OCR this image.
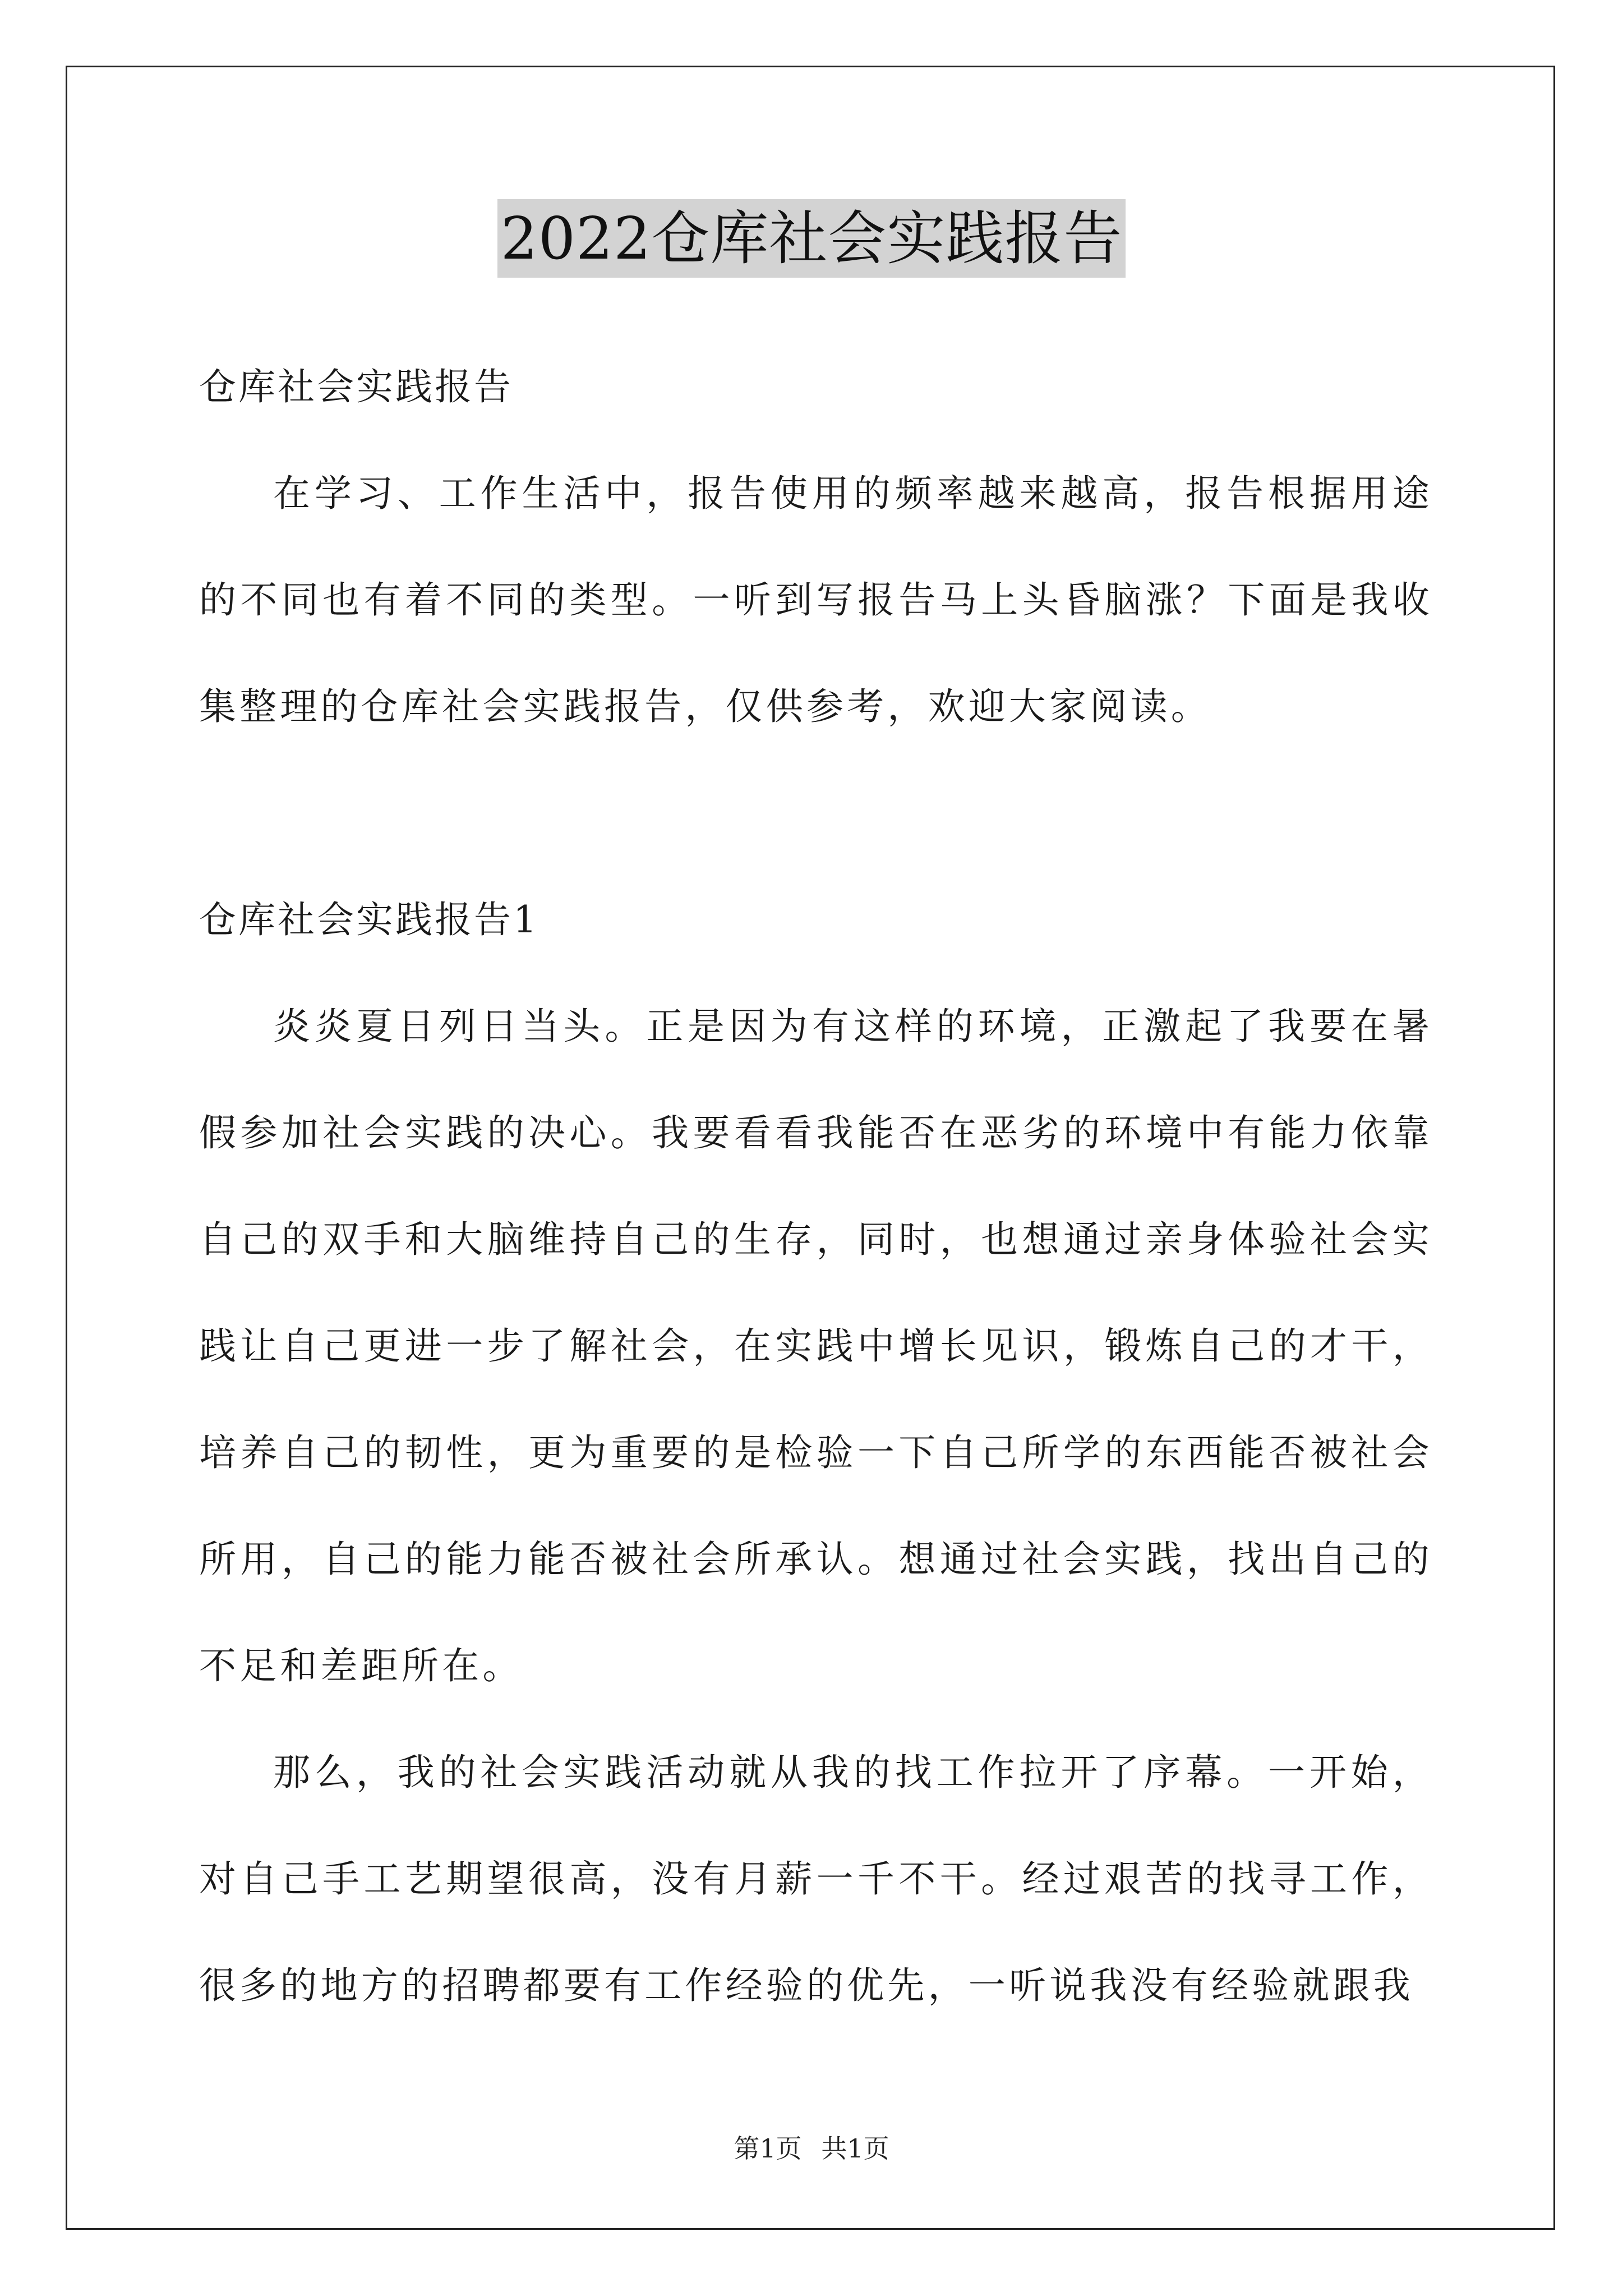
2022仓库社会实践报告

仓库社会实践报告

在学习、工作生活中，报告使用的频率越来越高，报告根据用途的不同也有着不同的类型。一听到写报告马上头昏脑涨？下面是我收集整理的仓库社会实践报告，仅供参考，欢迎大家阅读。

仓库社会实践报告1

炎炎夏日列日当头。正是因为有这样的环境，正激起了我要在暑假参加社会实践的决心。我要看看我能否在恶劣的环境中有能力依靠自己的双手和大脑维持自己的生存，同时，也想通过亲身体验社会实践让自己更进一步了解社会，在实践中增长见识，锻炼自己的才干，培养自己的韧性，更为重要的是检验一下自己所学的东西能否被社会所用，自己的能力能否被社会所承认。想通过社会实践，找出自己的不足和差距所在。

那么，我的社会实践活动就从我的找工作拉开了序幕。一开始，对自己手工艺期望很高，没有月薪一千不干。经过艰苦的找寻工作，很多的地方的招聘都要有工作经验的优先，一听说我没有经验就跟我

第1页 共1页
